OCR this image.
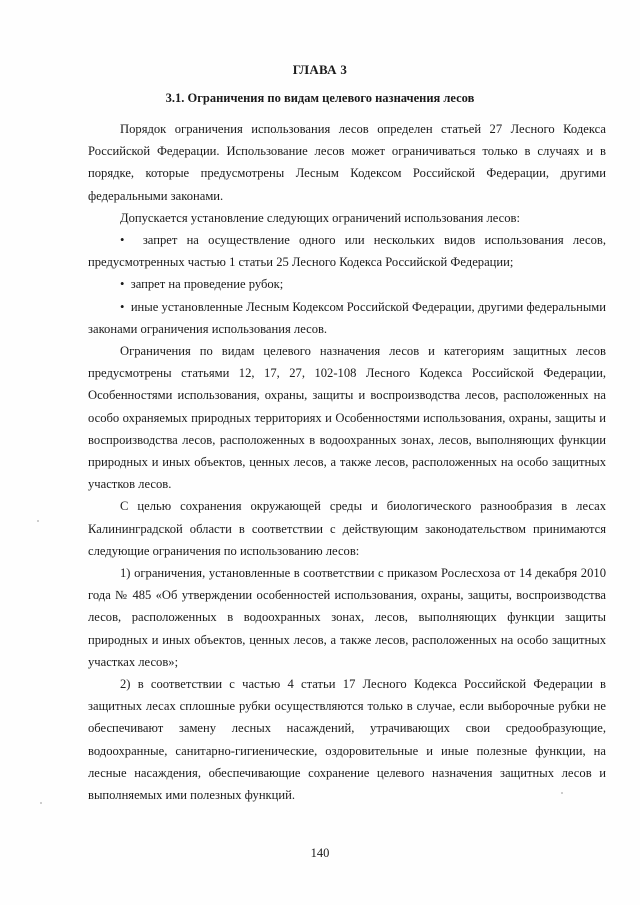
ГЛАВА 3
3.1. Ограничения по видам целевого назначения лесов

Порядок ограничения использования лесов определен статьей 27 Лесного Кодекса Российской Федерации. Использование лесов может ограничиваться только в случаях и в порядке, которые предусмотрены Лесным Кодексом Российской Федерации, другими федеральными законами.

Допускается установление следующих ограничений использования лесов:

•  запрет на осуществление одного или нескольких видов использования лесов, предусмотренных частью 1 статьи 25 Лесного Кодекса Российской Федерации;

•  запрет на проведение рубок;

•  иные установленные Лесным Кодексом Российской Федерации, другими федеральными законами ограничения использования лесов.

Ограничения по видам целевого назначения лесов и категориям защитных лесов предусмотрены статьями 12, 17, 27, 102-108 Лесного Кодекса Российской Федерации, Особенностями использования, охраны, защиты и воспроизводства лесов, расположенных на особо охраняемых природных территориях и Особенностями использования, охраны, защиты и воспроизводства лесов, расположенных в водоохранных зонах, лесов, выполняющих функции природных и иных объектов, ценных лесов, а также лесов, расположенных на особо защитных участков лесов.

С целью сохранения окружающей среды и биологического разнообразия в лесах Калининградской области в соответствии с действующим законодательством принимаются следующие ограничения по использованию лесов:

1) ограничения, установленные в соответствии с приказом Рослесхоза от 14 декабря 2010 года № 485 «Об утверждении особенностей использования, охраны, защиты, воспроизводства лесов, расположенных в водоохранных зонах, лесов, выполняющих функции защиты природных и иных объектов, ценных лесов, а также лесов, расположенных на особо защитных участках лесов»;

2) в соответствии с частью 4 статьи 17 Лесного Кодекса Российской Федерации в защитных лесах сплошные рубки осуществляются только в случае, если выборочные рубки не обеспечивают замену лесных насаждений, утрачивающих свои средообразующие, водоохранные, санитарно-гигиенические, оздоровительные и иные полезные функции, на лесные насаждения, обеспечивающие сохранение целевого назначения защитных лесов и выполняемых ими полезных функций.

140
